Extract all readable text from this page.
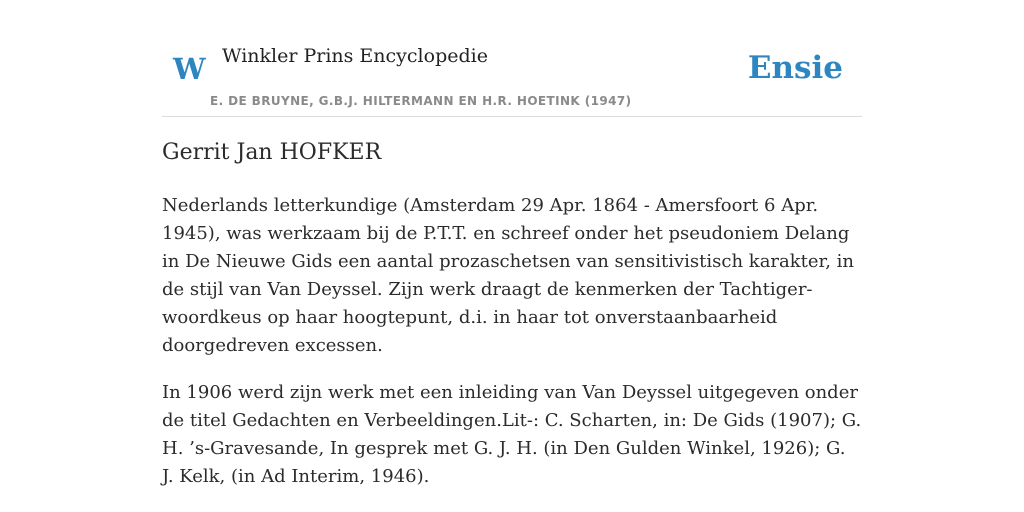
W Winkler Prins Encyclopedie
E. DE BRUYNE, G.B.J. HILTERMANN EN H.R. HOETINK (1947)
Ensie
Gerrit Jan HOFKER

Nederlands letterkundige (Amsterdam 29 Apr. 1864 - Amersfoort 6 Apr. 1945), was werkzaam bij de P.T.T. en schreef onder het pseudoniem Delang in De Nieuwe Gids een aantal prozaschetsen van sensitivistisch karakter, in de stijl van Van Deyssel. Zijn werk draagt de kenmerken der Tachtiger-woordkeus op haar hoogtepunt, d.i. in haar tot onverstaanbaarheid doorgedreven excessen.

In 1906 werd zijn werk met een inleiding van Van Deyssel uitgegeven onder de titel Gedachten en Verbeeldingen.Lit-: C. Scharten, in: De Gids (1907); G. H. ’s-Gravesande, In gesprek met G. J. H. (in Den Gulden Winkel, 1926); G. J. Kelk, (in Ad Interim, 1946).
